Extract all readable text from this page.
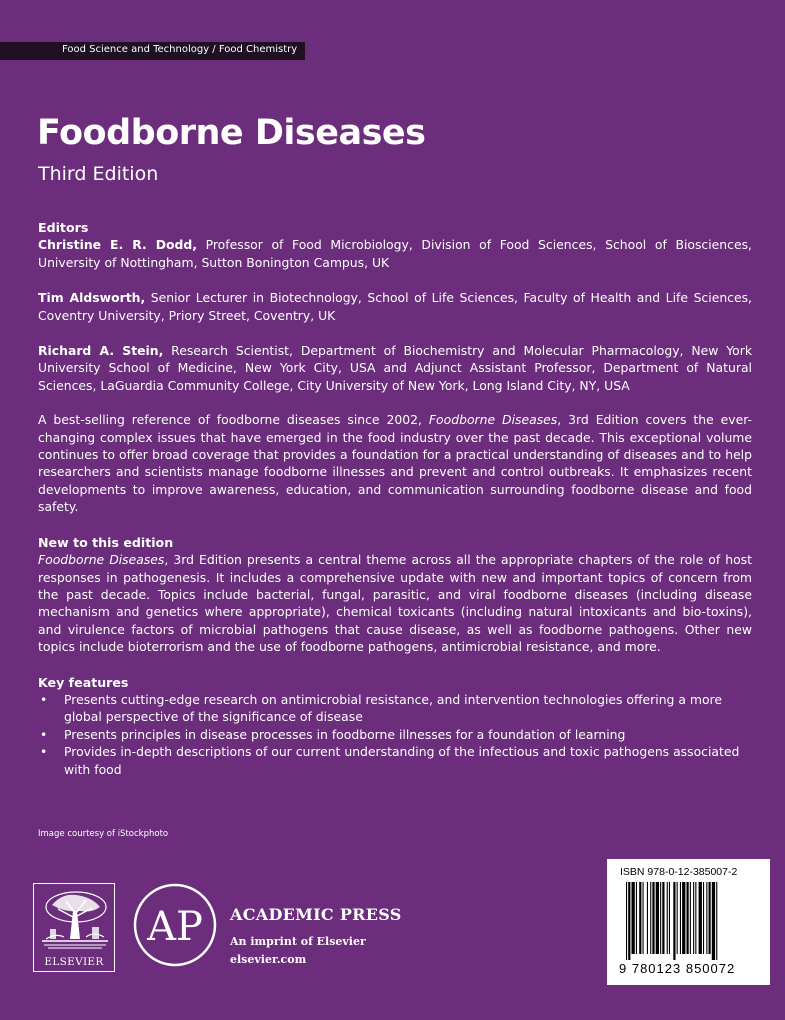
Food Science and Technology / Food Chemistry
Foodborne Diseases
Third Edition

Editors

Christine E. R. Dodd, Professor of Food Microbiology, Division of Food Sciences, School of Biosciences, University of Nottingham, Sutton Bonington Campus, UK

Tim Aldsworth, Senior Lecturer in Biotechnology, School of Life Sciences, Faculty of Health and Life Sciences, Coventry University, Priory Street, Coventry, UK

Richard A. Stein, Research Scientist, Department of Biochemistry and Molecular Pharmacology, New York University School of Medicine, New York City, USA and Adjunct Assistant Professor, Department of Natural Sciences, LaGuardia Community College, City University of New York, Long Island City, NY, USA

A best-selling reference of foodborne diseases since 2002, Foodborne Diseases, 3rd Edition covers the ever-changing complex issues that have emerged in the food industry over the past decade. This exceptional volume continues to offer broad coverage that provides a foundation for a practical understanding of diseases and to help researchers and scientists manage foodborne illnesses and prevent and control outbreaks. It emphasizes recent developments to improve awareness, education, and communication surrounding foodborne disease and food safety.

New to this edition

Foodborne Diseases, 3rd Edition presents a central theme across all the appropriate chapters of the role of host responses in pathogenesis. It includes a comprehensive update with new and important topics of concern from the past decade. Topics include bacterial, fungal, parasitic, and viral foodborne diseases (including disease mechanism and genetics where appropriate), chemical toxicants (including natural intoxicants and bio-toxins), and virulence factors of microbial pathogens that cause disease, as well as foodborne pathogens. Other new topics include bioterrorism and the use of foodborne pathogens, antimicrobial resistance, and more.

Key features

• Presents cutting-edge research on antimicrobial resistance, and intervention technologies offering a more global perspective of the significance of disease
• Presents principles in disease processes in foodborne illnesses for a foundation of learning
• Provides in-depth descriptions of our current understanding of the infectious and toxic pathogens associated with food
Image courtesy of iStockphoto
ELSEVIER
AP ACADEMIC PRESS
An imprint of Elsevier
elsevier.com
ISBN 978-0-12-385007-2
9 780123 850072
